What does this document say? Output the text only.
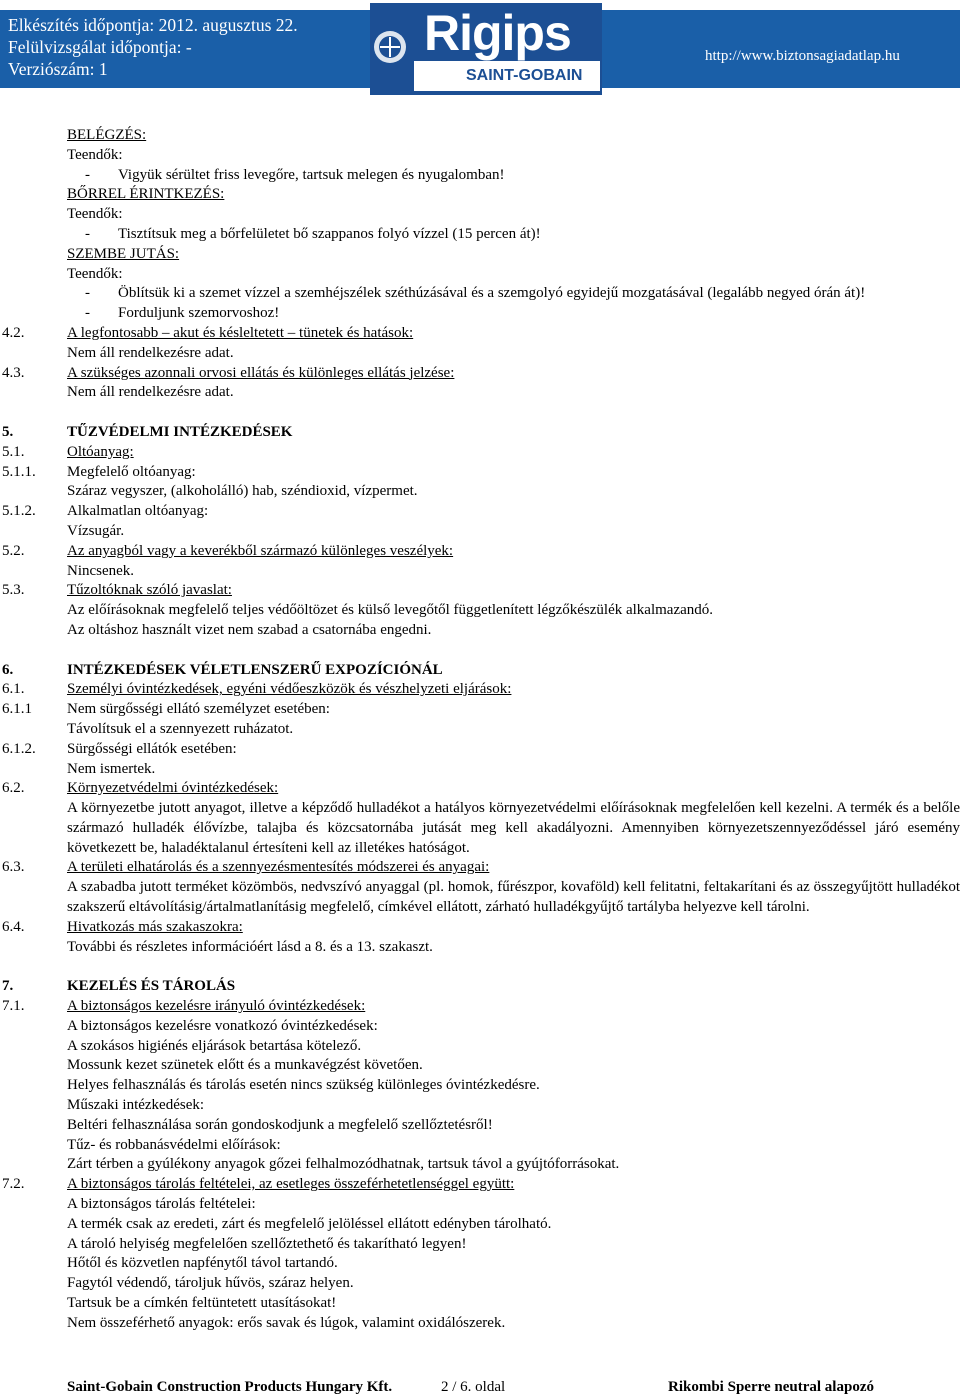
Elkészítés időpontja: 2012. augusztus 22.
Felülvizsgálat időpontja: -
Verziószám: 1
Rigips
SAINT-GOBAIN
http://www.biztonsagiadatlap.hu
BELÉGZÉS:
Teendők:
-	Vigyük sérültet friss levegőre, tartsuk melegen és nyugalomban!
BŐRREL ÉRINTKEZÉS:
Teendők:
-	Tisztítsuk meg a bőrfelületet bő szappanos folyó vízzel (15 percen át)!
SZEMBE JUTÁS:
Teendők:
-	Öblítsük ki a szemet vízzel a szemhéjszélek széthúzásával és a szemgolyó egyidejű mozgatásával (legalább negyed órán át)!
-	Forduljunk szemorvoshoz!
4.2.	A legfontosabb – akut és késleltetett – tünetek és hatások:
Nem áll rendelkezésre adat.
4.3.	A szükséges azonnali orvosi ellátás és különleges ellátás jelzése:
Nem áll rendelkezésre adat.
5.	TŰZVÉDELMI INTÉZKEDÉSEK
5.1.	Oltóanyag:
5.1.1.	Megfelelő oltóanyag:
Száraz vegyszer, (alkoholálló) hab, széndioxid, vízpermet.
5.1.2.	Alkalmatlan oltóanyag:
Vízsugár.
5.2.	Az anyagból vagy a keverékből származó különleges veszélyek:
Nincsenek.
5.3.	Tűzoltóknak szóló javaslat:
Az előírásoknak megfelelő teljes védőöltözet és külső levegőtől függetlenített légzőkészülék alkalmazandó.
Az oltáshoz használt vizet nem szabad a csatornába engedni.
6.	INTÉZKEDÉSEK VÉLETLENSZERŰ EXPOZÍCIÓNÁL
6.1.	Személyi óvintézkedések, egyéni védőeszközök és vészhelyzeti eljárások:
6.1.1	Nem sürgősségi ellátó személyzet esetében:
Távolítsuk el a szennyezett ruházatot.
6.1.2.	Sürgősségi ellátók esetében:
Nem ismertek.
6.2.	Környezetvédelmi óvintézkedések:
A környezetbe jutott anyagot, illetve a képződő hulladékot a hatályos környezetvédelmi előírásoknak megfelelően kell kezelni. A termék és a belőle származó hulladék élővízbe, talajba és közcsatornába jutását meg kell akadályozni. Amennyiben környezetszennyeződéssel járó esemény következett be, haladéktalanul értesíteni kell az illetékes hatóságot.
6.3.	A területi elhatárolás és a szennyezésmentesítés módszerei és anyagai:
A szabadba jutott terméket közömbös, nedvszívó anyaggal (pl. homok, fűrészpor, kovaföld) kell felitatni, feltakarítani és az összegyűjtött hulladékot szakszerű eltávolításig/ártalmatlanításig megfelelő, címkével ellátott, zárható hulladékgyűjtő tartályba helyezve kell tárolni.
6.4.	Hivatkozás más szakaszokra:
További és részletes információért lásd a 8. és a 13. szakaszt.
7.	KEZELÉS ÉS TÁROLÁS
7.1.	A biztonságos kezelésre irányuló óvintézkedések:
A biztonságos kezelésre vonatkozó óvintézkedések:
A szokásos higiénés eljárások betartása kötelező.
Mossunk kezet szünetek előtt és a munkavégzést követően.
Helyes felhasználás és tárolás esetén nincs szükség különleges óvintézkedésre.
Műszaki intézkedések:
Beltéri felhasználása során gondoskodjunk a megfelelő szellőztetésről!
Tűz- és robbanásvédelmi előírások:
Zárt térben a gyúlékony anyagok gőzei felhalmozódhatnak, tartsuk távol a gyújtóforrásokat.
7.2.	A biztonságos tárolás feltételei, az esetleges összeférhetetlenséggel együtt:
A biztonságos tárolás feltételei:
A termék csak az eredeti, zárt és megfelelő jelöléssel ellátott edényben tárolható.
A tároló helyiség megfelelően szellőztethető és takarítható legyen!
Hőtől és közvetlen napfénytől távol tartandó.
Fagytól védendő, tároljuk hűvös, száraz helyen.
Tartsuk be a címkén feltüntetett utasításokat!
Nem összeférhető anyagok: erős savak és lúgok, valamint oxidálószerek.
Saint-Gobain Construction Products Hungary Kft.	2 / 6. oldal	Rikombi Sperre neutral alapozó
